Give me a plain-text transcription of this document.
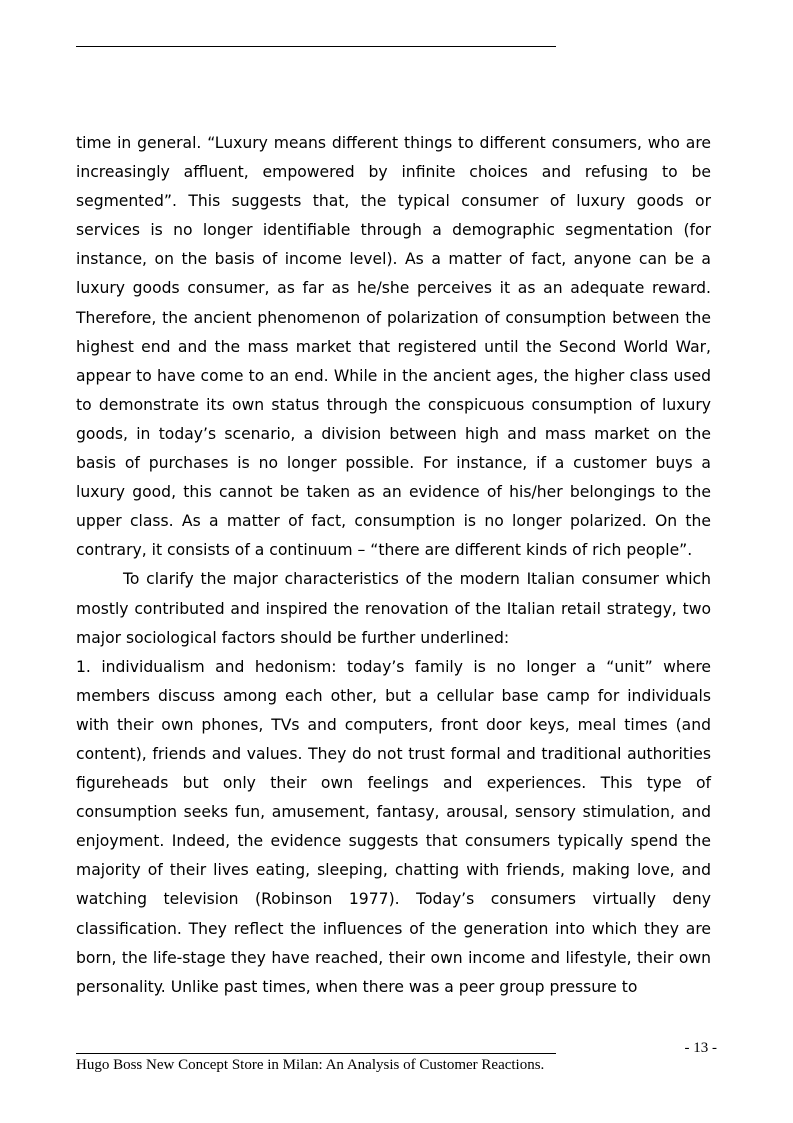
time in general. “Luxury means different things to different consumers, who are increasingly affluent, empowered by infinite choices and refusing to be segmented”. This suggests that, the typical consumer of luxury goods or services is no longer identifiable through a demographic segmentation (for instance, on the basis of income level). As a matter of fact, anyone can be a luxury goods consumer, as far as he/she perceives it as an adequate reward. Therefore, the ancient phenomenon of polarization of consumption between the highest end and the mass market that registered until the Second World War, appear to have come to an end. While in the ancient ages, the higher class used to demonstrate its own status through the conspicuous consumption of luxury goods, in today’s scenario, a division between high and mass market on the basis of purchases is no longer possible. For instance, if a customer buys a luxury good, this cannot be taken as an evidence of his/her belongings to the upper class. As a matter of fact, consumption is no longer polarized. On the contrary, it consists of a continuum – “there are different kinds of rich people”.

To clarify the major characteristics of the modern Italian consumer which mostly contributed and inspired the renovation of the Italian retail strategy, two major sociological factors should be further underlined:

1. individualism and hedonism: today’s family is no longer a “unit” where members discuss among each other, but a cellular base camp for individuals with their own phones, TVs and computers, front door keys, meal times (and content), friends and values. They do not trust formal and traditional authorities figureheads but only their own feelings and experiences. This type of consumption seeks fun, amusement, fantasy, arousal, sensory stimulation, and enjoyment. Indeed, the evidence suggests that consumers typically spend the majority of their lives eating, sleeping, chatting with friends, making love, and watching television (Robinson 1977). Today’s consumers virtually deny classification. They reflect the influences of the generation into which they are born, the life-stage they have reached, their own income and lifestyle, their own personality. Unlike past times, when there was a peer group pressure to

- 13 -
Hugo Boss New Concept Store in Milan: An Analysis of Customer Reactions.
